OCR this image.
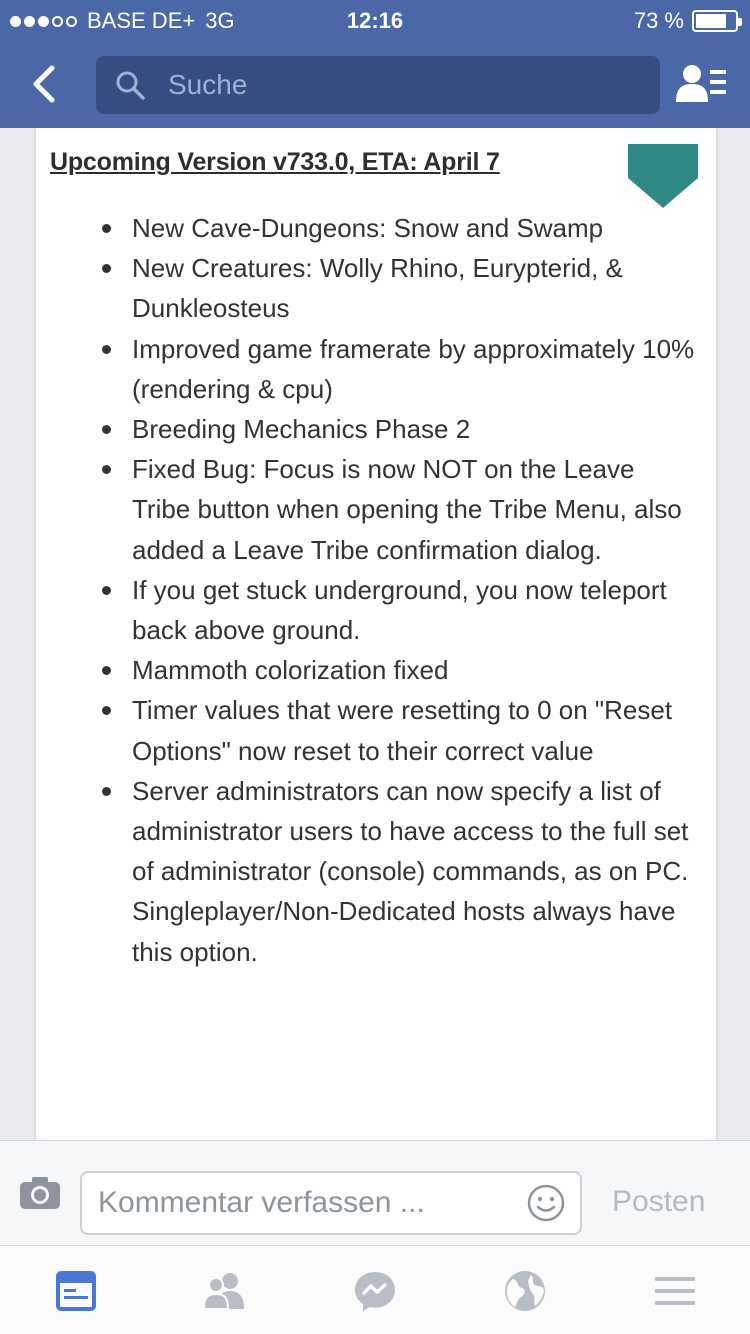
BASE DE+ 3G	12:16	73 %
Suche
Upcoming Version v733.0, ETA: April 7
New Cave-Dungeons: Snow and Swamp
New Creatures: Wolly Rhino, Eurypterid, & Dunkleosteus
Improved game framerate by approximately 10% (rendering & cpu)
Breeding Mechanics Phase 2
Fixed Bug: Focus is now NOT on the Leave Tribe button when opening the Tribe Menu, also added a Leave Tribe confirmation dialog.
If you get stuck underground, you now teleport back above ground.
Mammoth colorization fixed
Timer values that were resetting to 0 on "Reset Options" now reset to their correct value
Server administrators can now specify a list of administrator users to have access to the full set of administrator (console) commands, as on PC. Singleplayer/Non-Dedicated hosts always have this option.
Kommentar verfassen ...	Posten
